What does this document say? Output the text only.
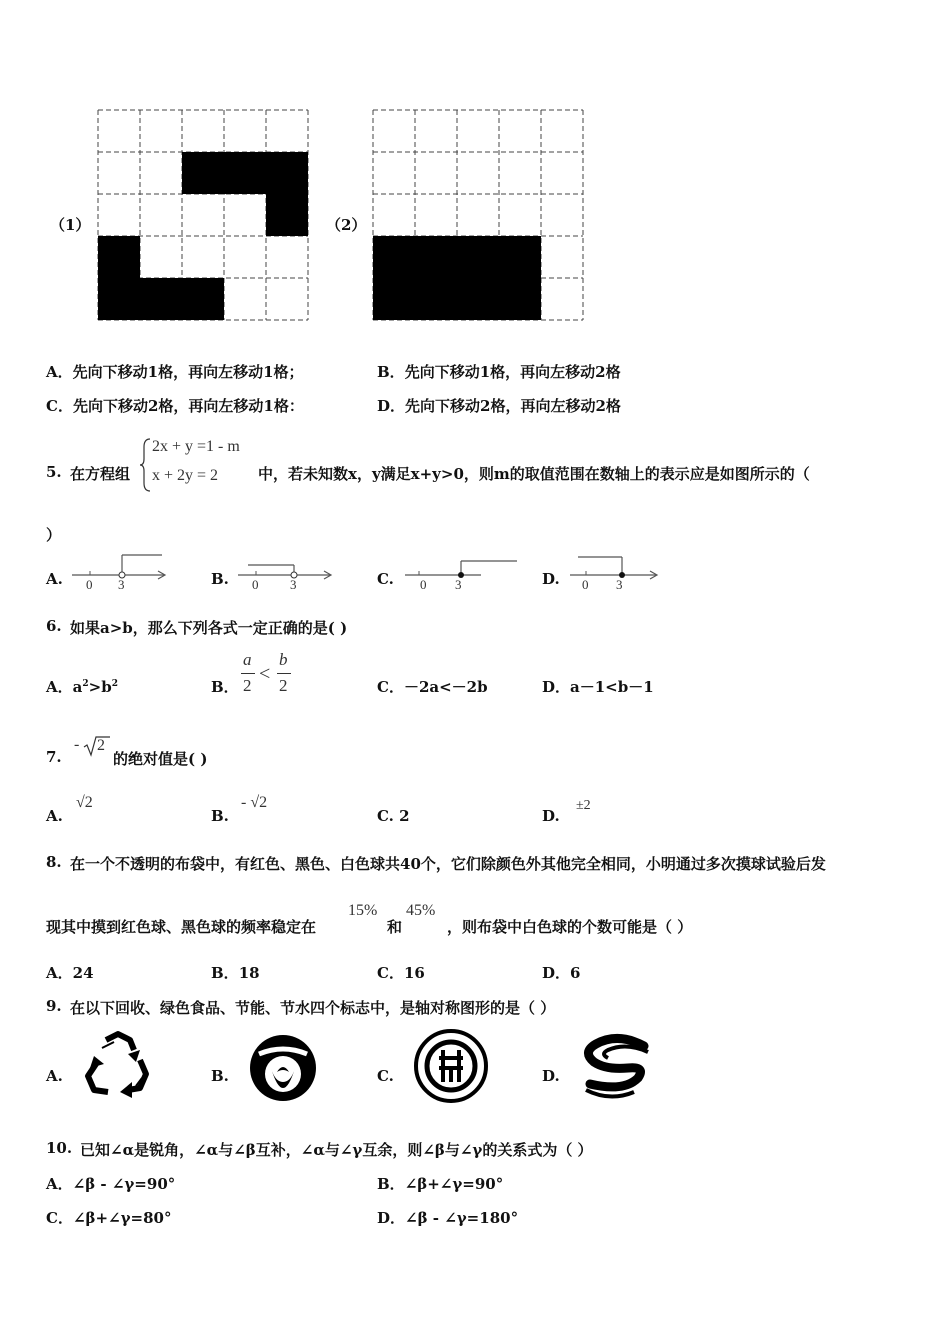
（1）	（2）
A．先向下移动1格，再向左移动1格；	B．先向下移动1格，再向左移动2格
C．先向下移动2格，再向左移动1格：	D．先向下移动2格，再向左移动2格
5. 在方程组
2x + y =1 - m
x + 2y = 2	中，若未知数x，y满足x+y>0，则m的取值范围在数轴上的表示应是如图所示的（
）
A. 0 3	B. 0 3	C. 0 3	D. 0 3
6. 如果a>b，那么下列各式一定正确的是( )
A．$a^2>b^2$	B．
a
2
<
b
2	C．－2a<－2b	D．a－1<b－1
7.
- 2
的绝对值是( )
A.
√2
B.
- √2
C. 2	D.
±2
8. 在一个不透明的布袋中，有红色、黑色、白色球共40个，它们除颜色外其他完全相同，小明通过多次摸球试验后发
现其中摸到红色球、黑色球的频率稳定在
15%
和
45%
，则布袋中白色球的个数可能是（ ）
A．24	B．18	C．16	D．6
9. 在以下回收、绿色食品、节能、节水四个标志中，是轴对称图形的是（ ）
A.	B.	C.	D.
10. 已知∠α是锐角，∠α与∠β互补，∠α与∠γ互余，则∠β与∠γ的关系式为（ ）
A．∠β - ∠γ=90°	B．∠β+∠γ=90°
C．∠β+∠γ=80°	D．∠β - ∠γ=180°
